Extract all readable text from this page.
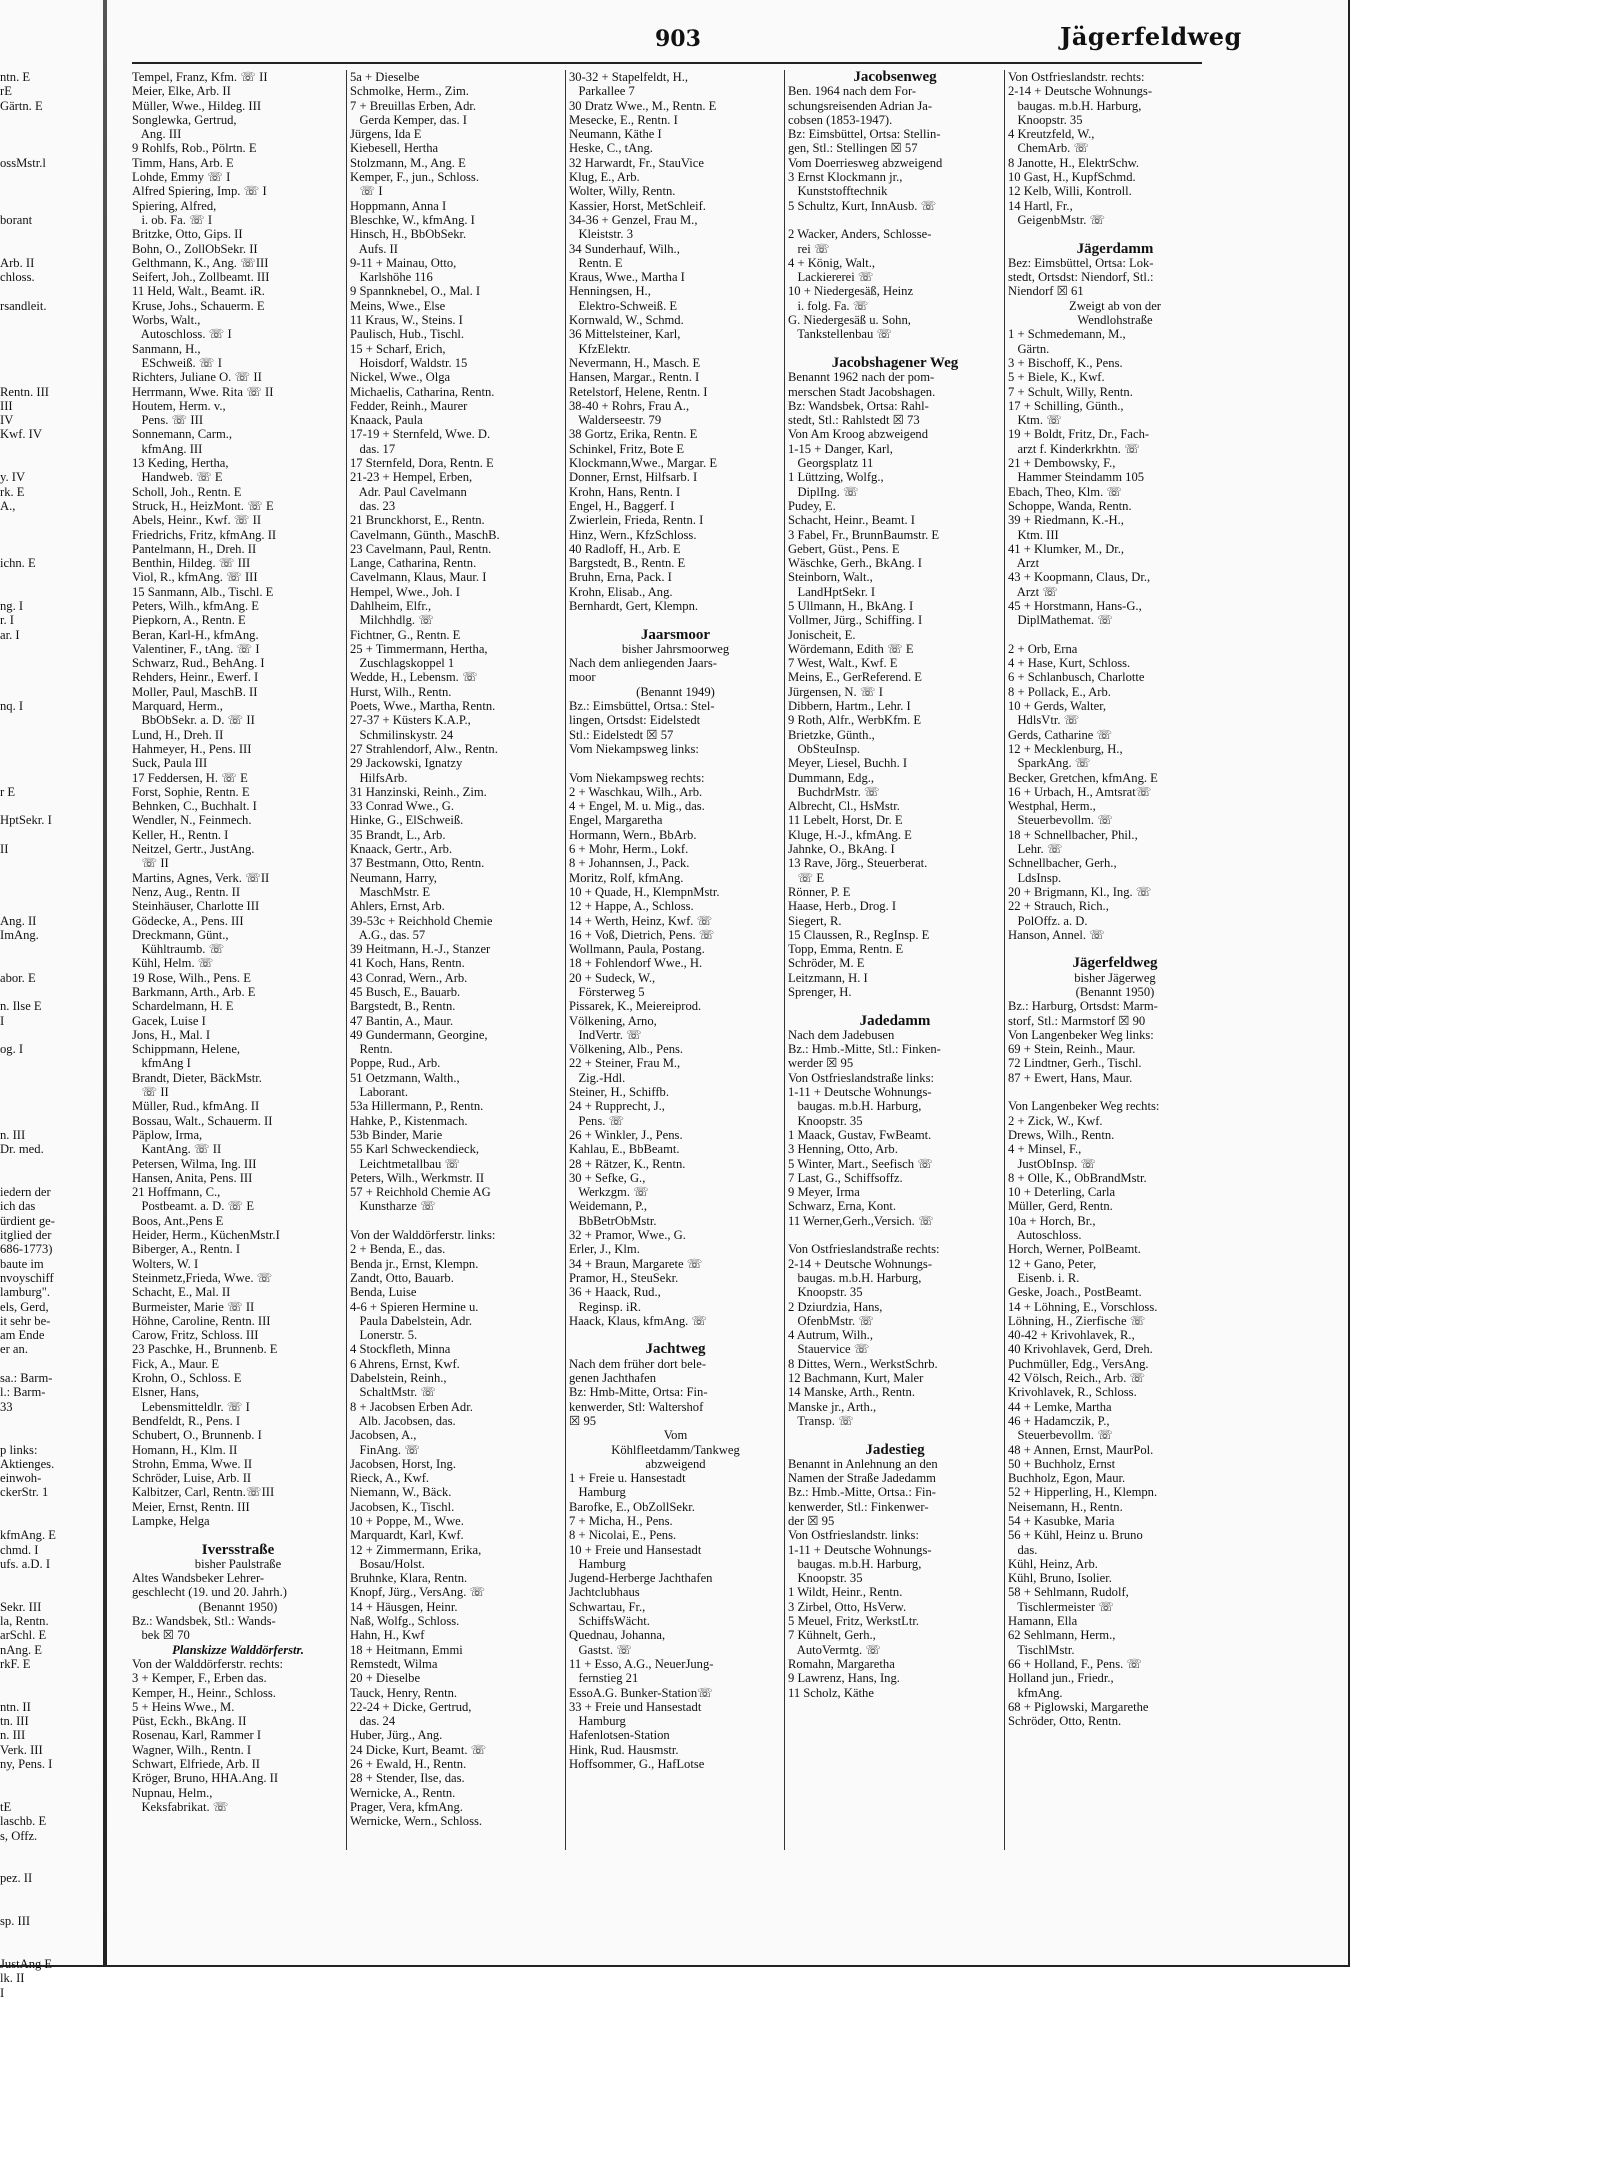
903	Jägerfeldweg
ntn. E
rE
Gärtn. E

ossMstr.l

borant

Arb. II
chloss.

rsandleit.

Rentn. III
III
IV
Kwf. IV

y. IV
rk. E
A.,

ichn. E

ng. I
r. I
ar. I

nq. I

r E

HptSekr. I

II

Ang. II
ImAng.

abor. E

n. Ilse E
I

og. I

n. III
Dr. med.

iedern der
ich das
ürdient ge-
itglied der
686-1773)
baute im
nvoyschiff
lamburg".
els, Gerd,
it sehr be-
am Ende
er an.

sa.: Barm-
l.: Barm-
33

p links:
Aktienges.
einwoh-
ckerStr. 1

kfmAng. E
chmd. I
ufs. a.D. I

Sekr. III
la, Rentn.
arSchl. E
nAng. E
rkF. E

ntn. II
tn. III
n. III
Verk. III
ny, Pens. I

tE
laschb. E
s, Offz.

pez. II

sp. III

JustAng E
lk. II
I
Tempel, Franz, Kfm. ☏ II
Meier, Elke, Arb. II
Müller, Wwe., Hildeg. III
Songlewka, Gertrud,
Ang. III
9 Rohlfs, Rob., Pölrtn. E
Timm, Hans, Arb. E
Lohde, Emmy ☏ I
Alfred Spiering, Imp. ☏ I
Spiering, Alfred,
i. ob. Fa. ☏ I
Britzke, Otto, Gips. II
Bohn, O., ZollObSekr. II
Gelthmann, K., Ang. ☏III
Seifert, Joh., Zollbeamt. III
11 Held, Walt., Beamt. iR.
Kruse, Johs., Schauerm. E
Worbs, Walt.,
Autoschloss. ☏ I
Sanmann, H.,
ESchweiß. ☏ I
Richters, Juliane O. ☏ II
Herrmann, Wwe. Rita ☏ II
Houtem, Herm. v.,
Pens. ☏ III
Sonnemann, Carm.,
kfmAng. III
13 Keding, Hertha,
Handweb. ☏ E
Scholl, Joh., Rentn. E
Struck, H., HeizMont. ☏ E
Abels, Heinr., Kwf. ☏ II
Friedrichs, Fritz, kfmAng. II
Pantelmann, H., Dreh. II
Benthin, Hildeg. ☏ III
Viol, R., kfmAng. ☏ III
15 Sanmann, Alb., Tischl. E
Peters, Wilh., kfmAng. E
Piepkorn, A., Rentn. E
Beran, Karl-H., kfmAng.
Valentiner, F., tAng. ☏ I
Schwarz, Rud., BehAng. I
Rehders, Heinr., Ewerf. I
Moller, Paul, MaschB. II
Marquard, Herm.,
BbObSekr. a. D. ☏ II
Lund, H., Dreh. II
Hahmeyer, H., Pens. III
Suck, Paula III
17 Feddersen, H. ☏ E
Forst, Sophie, Rentn. E
Behnken, C., Buchhalt. I
Wendler, N., Feinmech.
Keller, H., Rentn. I
Neitzel, Gertr., JustAng.
☏ II
Martins, Agnes, Verk. ☏II
Nenz, Aug., Rentn. II
Steinhäuser, Charlotte III
Gödecke, A., Pens. III
Dreckmann, Günt.,
Kühltraumb. ☏
Kühl, Helm. ☏
19 Rose, Wilh., Pens. E
Barkmann, Arth., Arb. E
Schardelmann, H. E
Gacek, Luise I
Jons, H., Mal. I
Schippmann, Helene,
kfmAng I
Brandt, Dieter, BäckMstr.
☏ II
Müller, Rud., kfmAng. II
Bossau, Walt., Schauerm. II
Päplow, Irma,
KantAng. ☏ II
Petersen, Wilma, Ing. III
Hansen, Anita, Pens. III
21 Hoffmann, C.,
Postbeamt. a. D. ☏ E
Boos, Ant.,Pens E
Heider, Herm., KüchenMstr.I
Biberger, A., Rentn. I
Wolters, W. I
Steinmetz,Frieda, Wwe. ☏
Schacht, E., Mal. II
Burmeister, Marie ☏ II
Höhne, Caroline, Rentn. III
Carow, Fritz, Schloss. III
23 Paschke, H., Brunnenb. E
Fick, A., Maur. E
Krohn, O., Schloss. E
Elsner, Hans,
Lebensmitteldlr. ☏ I
Bendfeldt, R., Pens. I
Schubert, O., Brunnenb. I
Homann, H., Klm. II
Strohn, Emma, Wwe. II
Schröder, Luise, Arb. II
Kalbitzer, Carl, Rentn.☏III
Meier, Ernst, Rentn. III
Lampke, Helga

Iversstraße
bisher Paulstraße
Altes Wandsbeker Lehrer-
geschlecht (19. und 20. Jahrh.)
(Benannt 1950)
Bz.: Wandsbek, Stl.: Wands-
bek ☒ 70
Planskizze Walddörferstr.
Von der Walddörferstr. rechts:
3 + Kemper, F., Erben das.
Kemper, H., Heinr., Schloss.
5 + Heins Wwe., M.
Püst, Eckh., BkAng. II
Rosenau, Karl, Rammer I
Wagner, Wilh., Rentn. I
Schwart, Elfriede, Arb. II
Kröger, Bruno, HHA.Ang. II
Nupnau, Helm.,
Keksfabrikat. ☏
5a + Dieselbe
Schmolke, Herm., Zim.
7 + Breuillas Erben, Adr.
Gerda Kemper, das. I
Jürgens, Ida E
Kiebesell, Hertha
Stolzmann, M., Ang. E
Kemper, F., jun., Schloss.
☏ I
Hoppmann, Anna I
Bleschke, W., kfmAng. I
Hinsch, H., BbObSekr.
Aufs. II
9-11 + Mainau, Otto,
Karlshöhe 116
9 Spannknebel, O., Mal. I
Meins, Wwe., Else
11 Kraus, W., Steins. I
Paulisch, Hub., Tischl.
15 + Scharf, Erich,
Hoisdorf, Waldstr. 15
Nickel, Wwe., Olga
Michaelis, Catharina, Rentn.
Fedder, Reinh., Maurer
Knaack, Paula
17-19 + Sternfeld, Wwe. D.
das. 17
17 Sternfeld, Dora, Rentn. E
21-23 + Hempel, Erben,
Adr. Paul Cavelmann
das. 23
21 Brunckhorst, E., Rentn.
Cavelmann, Günth., MaschB.
23 Cavelmann, Paul, Rentn.
Lange, Catharina, Rentn.
Cavelmann, Klaus, Maur. I
Hempel, Wwe., Joh. I
Dahlheim, Elfr.,
Milchhdlg. ☏
Fichtner, G., Rentn. E
25 + Timmermann, Hertha,
Zuschlagskoppel 1
Wedde, H., Lebensm. ☏
Hurst, Wilh., Rentn.
Poets, Wwe., Martha, Rentn.
27-37 + Küsters K.A.P.,
Schmilinskystr. 24
27 Strahlendorf, Alw., Rentn.
29 Jackowski, Ignatzy
HilfsArb.
31 Hanzinski, Reinh., Zim.
33 Conrad Wwe., G.
Hinke, G., ElSchweiß.
35 Brandt, L., Arb.
Knaack, Gertr., Arb.
37 Bestmann, Otto, Rentn.
Neumann, Harry,
MaschMstr. E
Ahlers, Ernst, Arb.
39-53c + Reichhold Chemie
A.G., das. 57
39 Heitmann, H.-J., Stanzer
41 Koch, Hans, Rentn.
43 Conrad, Wern., Arb.
45 Busch, E., Bauarb.
Bargstedt, B., Rentn.
47 Bantin, A., Maur.
49 Gundermann, Georgine,
Rentn.
Poppe, Rud., Arb.
51 Oetzmann, Walth.,
Laborant.
53a Hillermann, P., Rentn.
Hahke, P., Kistenmach.
53b Binder, Marie
55 Karl Schweckendieck,
Leichtmetallbau ☏
Peters, Wilh., Werkmstr. II
57 + Reichhold Chemie AG
Kunstharze ☏

Von der Walddörferstr. links:
2 + Benda, E., das.
Benda jr., Ernst, Klempn.
Zandt, Otto, Bauarb.
Benda, Luise
4-6 + Spieren Hermine u.
Paula Dabelstein, Adr.
Lonerstr. 5.
4 Stockfleth, Minna
6 Ahrens, Ernst, Kwf.
Dabelstein, Reinh.,
SchaltMstr. ☏
8 + Jacobsen Erben Adr.
Alb. Jacobsen, das.
Jacobsen, A.,
FinAng. ☏
Jacobsen, Horst, Ing.
Rieck, A., Kwf.
Niemann, W., Bäck.
Jacobsen, K., Tischl.
10 + Poppe, M., Wwe.
Marquardt, Karl, Kwf.
12 + Zimmermann, Erika,
Bosau/Holst.
Bruhnke, Klara, Rentn.
Knopf, Jürg., VersAng. ☏
14 + Häusgen, Heinr.
Naß, Wolfg., Schloss.
Hahn, H., Kwf
18 + Heitmann, Emmi
Remstedt, Wilma
20 + Dieselbe
Tauck, Henry, Rentn.
22-24 + Dicke, Gertrud,
das. 24
Huber, Jürg., Ang.
24 Dicke, Kurt, Beamt. ☏
26 + Ewald, H., Rentn.
28 + Stender, Ilse, das.
Wernicke, A., Rentn.
Prager, Vera, kfmAng.
Wernicke, Wern., Schloss.
30-32 + Stapelfeldt, H.,
Parkallee 7
30 Dratz Wwe., M., Rentn. E
Mesecke, E., Rentn. I
Neumann, Käthe I
Heske, C., tAng.
32 Harwardt, Fr., StauVice
Klug, E., Arb.
Wolter, Willy, Rentn.
Kassier, Horst, MetSchleif.
34-36 + Genzel, Frau M.,
Kleiststr. 3
34 Sunderhauf, Wilh.,
Rentn. E
Kraus, Wwe., Martha I
Henningsen, H.,
Elektro-Schweiß. E
Kornwald, W., Schmd.
36 Mittelsteiner, Karl,
KfzElektr.
Nevermann, H., Masch. E
Hansen, Margar., Rentn. I
Retelstorf, Helene, Rentn. I
38-40 + Rohrs, Frau A.,
Walderseestr. 79
38 Gortz, Erika, Rentn. E
Schinkel, Fritz, Bote E
Klockmann,Wwe., Margar. E
Donner, Ernst, Hilfsarb. I
Krohn, Hans, Rentn. I
Engel, H., Baggerf. I
Zwierlein, Frieda, Rentn. I
Hinz, Wern., KfzSchloss.
40 Radloff, H., Arb. E
Bargstedt, B., Rentn. E
Bruhn, Erna, Pack. I
Krohn, Elisab., Ang.
Bernhardt, Gert, Klempn.

Jaarsmoor
bisher Jahrsmoorweg
Nach dem anliegenden Jaars-
moor
(Benannt 1949)
Bz.: Eimsbüttel, Ortsa.: Stel-
lingen, Ortsdst: Eidelstedt
Stl.: Eidelstedt ☒ 57
Vom Niekampsweg links:

Vom Niekampsweg rechts:
2 + Waschkau, Wilh., Arb.
4 + Engel, M. u. Mig., das.
Engel, Margaretha
Hormann, Wern., BbArb.
6 + Mohr, Herm., Lokf.
8 + Johannsen, J., Pack.
Moritz, Rolf, kfmAng.
10 + Quade, H., KlempnMstr.
12 + Happe, A., Schloss.
14 + Werth, Heinz, Kwf. ☏
16 + Voß, Dietrich, Pens. ☏
Wollmann, Paula, Postang.
18 + Fohlendorf Wwe., H.
20 + Sudeck, W.,
Försterweg 5
Pissarek, K., Meiereiprod.
Völkening, Arno,
IndVertr. ☏
Völkening, Alb., Pens.
22 + Steiner, Frau M.,
Zig.-Hdl.
Steiner, H., Schiffb.
24 + Rupprecht, J.,
Pens. ☏
26 + Winkler, J., Pens.
Kahlau, E., BbBeamt.
28 + Rätzer, K., Rentn.
30 + Sefke, G.,
Werkzgm. ☏
Weidemann, P.,
BbBetrObMstr.
32 + Pramor, Wwe., G.
Erler, J., Klm.
34 + Braun, Margarete ☏
Pramor, H., SteuSekr.
36 + Haack, Rud.,
Reginsp. iR.
Haack, Klaus, kfmAng. ☏

Jachtweg
Nach dem früher dort bele-
genen Jachthafen
Bz: Hmb-Mitte, Ortsa: Fin-
kenwerder, Stl: Waltershof
☒ 95
Vom
Köhlfleetdamm/Tankweg
abzweigend
1 + Freie u. Hansestadt
Hamburg
Barofke, E., ObZollSekr.
7 + Micha, H., Pens.
8 + Nicolai, E., Pens.
10 + Freie und Hansestadt
Hamburg
Jugend-Herberge Jachthafen
Jachtclubhaus
Schwartau, Fr.,
SchiffsWächt.
Quednau, Johanna,
Gastst. ☏
11 + Esso, A.G., NeuerJung-
fernstieg 21
EssoA.G. Bunker-Station☏
33 + Freie und Hansestadt
Hamburg
Hafenlotsen-Station
Hink, Rud. Hausmstr.
Hoffsommer, G., HafLotse
Jacobsenweg
Ben. 1964 nach dem For-
schungsreisenden Adrian Ja-
cobsen (1853-1947).
Bz: Eimsbüttel, Ortsa: Stellin-
gen, Stl.: Stellingen ☒ 57
Vom Doerriesweg abzweigend
3 Ernst Klockmann jr.,
Kunststofftechnik
5 Schultz, Kurt, InnAusb. ☏

2 Wacker, Anders, Schlosse-
rei ☏
4 + König, Walt.,
Lackiererei ☏
10 + Niedergesäß, Heinz
i. folg. Fa. ☏
G. Niedergesäß u. Sohn,
Tankstellenbau ☏

Jacobshagener Weg
Benannt 1962 nach der pom-
merschen Stadt Jacobshagen.
Bz: Wandsbek, Ortsa: Rahl-
stedt, Stl.: Rahlstedt ☒ 73
Von Am Kroog abzweigend
1-15 + Danger, Karl,
Georgsplatz 11
1 Lüttzing, Wolfg.,
DiplIng. ☏
Pudey, E.
Schacht, Heinr., Beamt. I
3 Fabel, Fr., BrunnBaumstr. E
Gebert, Güst., Pens. E
Wäschke, Gerh., BkAng. I
Steinborn, Walt.,
LandHptSekr. I
5 Ullmann, H., BkAng. I
Vollmer, Jürg., Schiffing. I
Jonischeit, E.
Wördemann, Edith ☏ E
7 West, Walt., Kwf. E
Meins, E., GerReferend. E
Jürgensen, N. ☏ I
Dibbern, Hartm., Lehr. I
9 Roth, Alfr., WerbKfm. E
Brietzke, Günth.,
ObSteuInsp.
Meyer, Liesel, Buchh. I
Dummann, Edg.,
BuchdrMstr. ☏
Albrecht, Cl., HsMstr.
11 Lebelt, Horst, Dr. E
Kluge, H.-J., kfmAng. E
Jahnke, O., BkAng. I
13 Rave, Jörg., Steuerberat.
☏ E
Rönner, P. E
Haase, Herb., Drog. I
Siegert, R.
15 Claussen, R., RegInsp. E
Topp, Emma, Rentn. E
Schröder, M. E
Leitzmann, H. I
Sprenger, H.

Jadedamm
Nach dem Jadebusen
Bz.: Hmb.-Mitte, Stl.: Finken-
werder ☒ 95
Von Ostfrieslandstraße links:
1-11 + Deutsche Wohnungs-
baugas. m.b.H. Harburg,
Knoopstr. 35
1 Maack, Gustav, FwBeamt.
3 Henning, Otto, Arb.
5 Winter, Mart., Seefisch ☏
7 Last, G., Schiffsoffz.
9 Meyer, Irma
Schwarz, Erna, Kont.
11 Werner,Gerh.,Versich. ☏

Von Ostfrieslandstraße rechts:
2-14 + Deutsche Wohnungs-
baugas. m.b.H. Harburg,
Knoopstr. 35
2 Dziurdzia, Hans,
OfenbMstr. ☏
4 Autrum, Wilh.,
Stauervice ☏
8 Dittes, Wern., WerkstSchrb.
12 Bachmann, Kurt, Maler
14 Manske, Arth., Rentn.
Manske jr., Arth.,
Transp. ☏

Jadestieg
Benannt in Anlehnung an den
Namen der Straße Jadedamm
Bz.: Hmb.-Mitte, Ortsa.: Fin-
kenwerder, Stl.: Finkenwer-
der ☒ 95
Von Ostfrieslandstr. links:
1-11 + Deutsche Wohnungs-
baugas. m.b.H. Harburg,
Knoopstr. 35
1 Wildt, Heinr., Rentn.
3 Zirbel, Otto, HsVerw.
5 Meuel, Fritz, WerkstLtr.
7 Kühnelt, Gerh.,
AutoVermtg. ☏
Romahn, Margaretha
9 Lawrenz, Hans, Ing.
11 Scholz, Käthe
Von Ostfrieslandstr. rechts:
2-14 + Deutsche Wohnungs-
baugas. m.b.H. Harburg,
Knoopstr. 35
4 Kreutzfeld, W.,
ChemArb. ☏
8 Janotte, H., ElektrSchw.
10 Gast, H., KupfSchmd.
12 Kelb, Willi, Kontroll.
14 Hartl, Fr.,
GeigenbMstr. ☏

Jägerdamm
Bez: Eimsbüttel, Ortsa: Lok-
stedt, Ortsdst: Niendorf, Stl.:
Niendorf ☒ 61
Zweigt ab von der
Wendlohstraße
1 + Schmedemann, M.,
Gärtn.
3 + Bischoff, K., Pens.
5 + Biele, K., Kwf.
7 + Schult, Willy, Rentn.
17 + Schilling, Günth.,
Ktm. ☏
19 + Boldt, Fritz, Dr., Fach-
arzt f. Kinderkrkhtn. ☏
21 + Dembowsky, F.,
Hammer Steindamm 105
Ebach, Theo, Klm. ☏
Schoppe, Wanda, Rentn.
39 + Riedmann, K.-H.,
Ktm. III
41 + Klumker, M., Dr.,
Arzt
43 + Koopmann, Claus, Dr.,
Arzt ☏
45 + Horstmann, Hans-G.,
DiplMathemat. ☏

2 + Orb, Erna
4 + Hase, Kurt, Schloss.
6 + Schlanbusch, Charlotte
8 + Pollack, E., Arb.
10 + Gerds, Walter,
HdlsVtr. ☏
Gerds, Catharine ☏
12 + Mecklenburg, H.,
SparkAng. ☏
Becker, Gretchen, kfmAng. E
16 + Urbach, H., Amtsrat☏
Westphal, Herm.,
Steuerbevollm. ☏
18 + Schnellbacher, Phil.,
Lehr. ☏
Schnellbacher, Gerh.,
LdsInsp.
20 + Brigmann, Kl., Ing. ☏
22 + Strauch, Rich.,
PolOffz. a. D.
Hanson, Annel. ☏

Jägerfeldweg
bisher Jägerweg
(Benannt 1950)
Bz.: Harburg, Ortsdst: Marm-
storf, Stl.: Marmstorf ☒ 90
Von Langenbeker Weg links:
69 + Stein, Reinh., Maur.
72 Lindtner, Gerh., Tischl.
87 + Ewert, Hans, Maur.

Von Langenbeker Weg rechts:
2 + Zick, W., Kwf.
Drews, Wilh., Rentn.
4 + Minsel, F.,
JustObInsp. ☏
8 + Olle, K., ObBrandMstr.
10 + Deterling, Carla
Müller, Gerd, Rentn.
10a + Horch, Br.,
Autoschloss.
Horch, Werner, PolBeamt.
12 + Gano, Peter,
Eisenb. i. R.
Geske, Joach., PostBeamt.
14 + Löhning, E., Vorschloss.
Löhning, H., Zierfische ☏
40-42 + Krivohlavek, R.,
40 Krivohlavek, Gerd, Dreh.
Puchmüller, Edg., VersAng.
42 Völsch, Reich., Arb. ☏
Krivohlavek, R., Schloss.
44 + Lemke, Martha
46 + Hadamczik, P.,
Steuerbevollm. ☏
48 + Annen, Ernst, MaurPol.
50 + Buchholz, Ernst
Buchholz, Egon, Maur.
52 + Hipperling, H., Klempn.
Neisemann, H., Rentn.
54 + Kasubke, Maria
56 + Kühl, Heinz u. Bruno
das.
Kühl, Heinz, Arb.
Kühl, Bruno, Isolier.
58 + Sehlmann, Rudolf,
Tischlermeister ☏
Hamann, Ella
62 Sehlmann, Herm.,
TischlMstr.
66 + Holland, F., Pens. ☏
Holland jun., Friedr.,
kfmAng.
68 + Piglowski, Margarethe
Schröder, Otto, Rentn.
